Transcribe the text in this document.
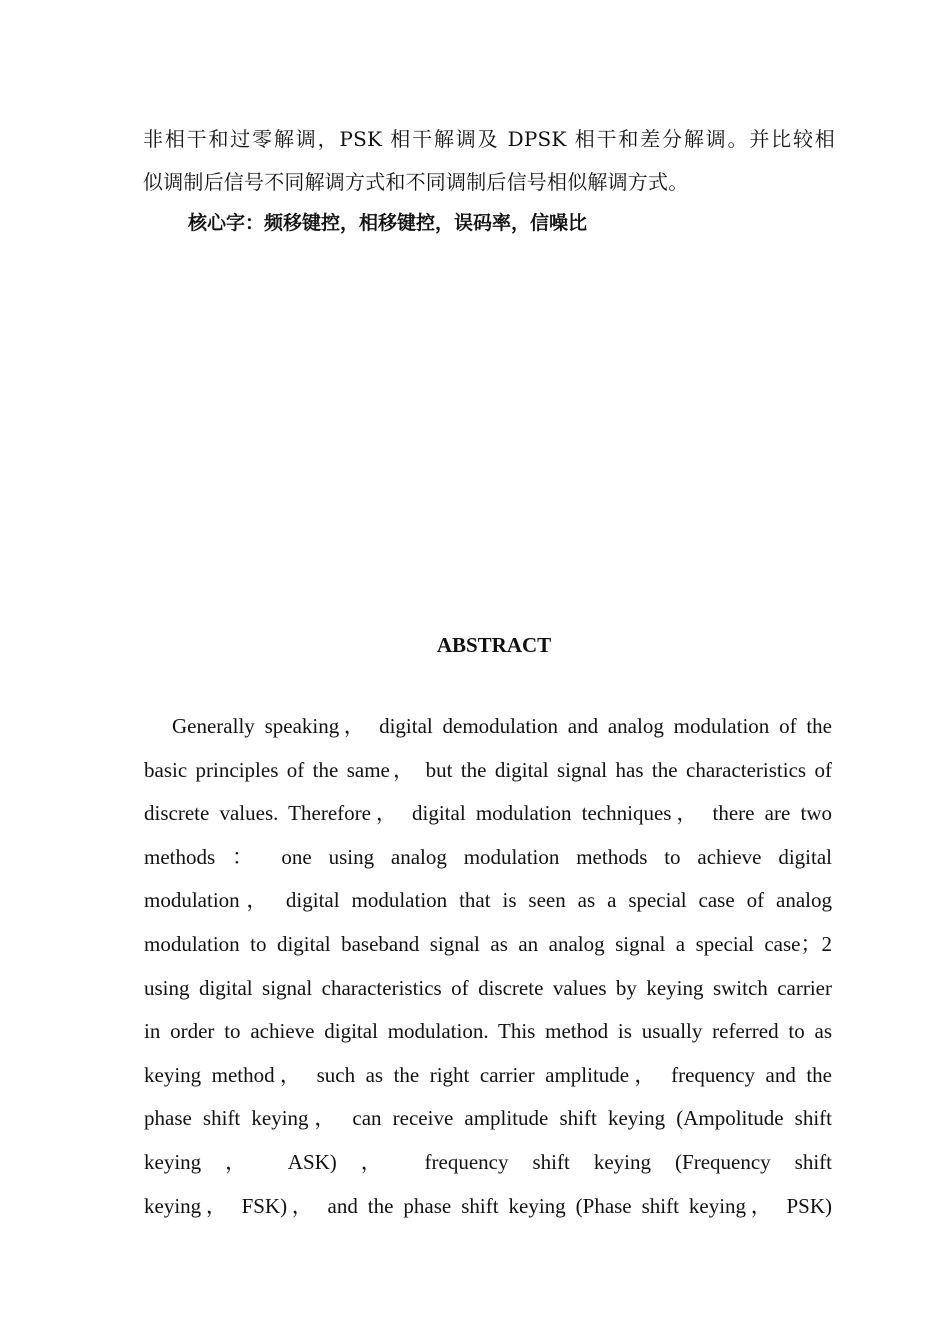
非相干和过零解调，PSK 相干解调及 DPSK 相干和差分解调。并比较相
似调制后信号不同解调方式和不同调制后信号相似解调方式。
核心字：频移键控，相移键控，误码率，信噪比
ABSTRACT
Generally speaking， digital demodulation and analog modulation of the
basic principles of the same， but the digital signal has the characteristics of
discrete values. Therefore， digital modulation techniques， there are two
methods ： one using analog modulation methods to achieve digital
modulation， digital modulation that is seen as a special case of analog
modulation to digital baseband signal as an analog signal a special case；2
using digital signal characteristics of discrete values by keying switch carrier
in order to achieve digital modulation. This method is usually referred to as
keying method， such as the right carrier amplitude， frequency and the
phase shift keying， can receive amplitude shift keying (Ampolitude shift
keying ， ASK) ， frequency shift keying (Frequency shift
keying， FSK)， and the phase shift keying (Phase shift keying， PSK)
